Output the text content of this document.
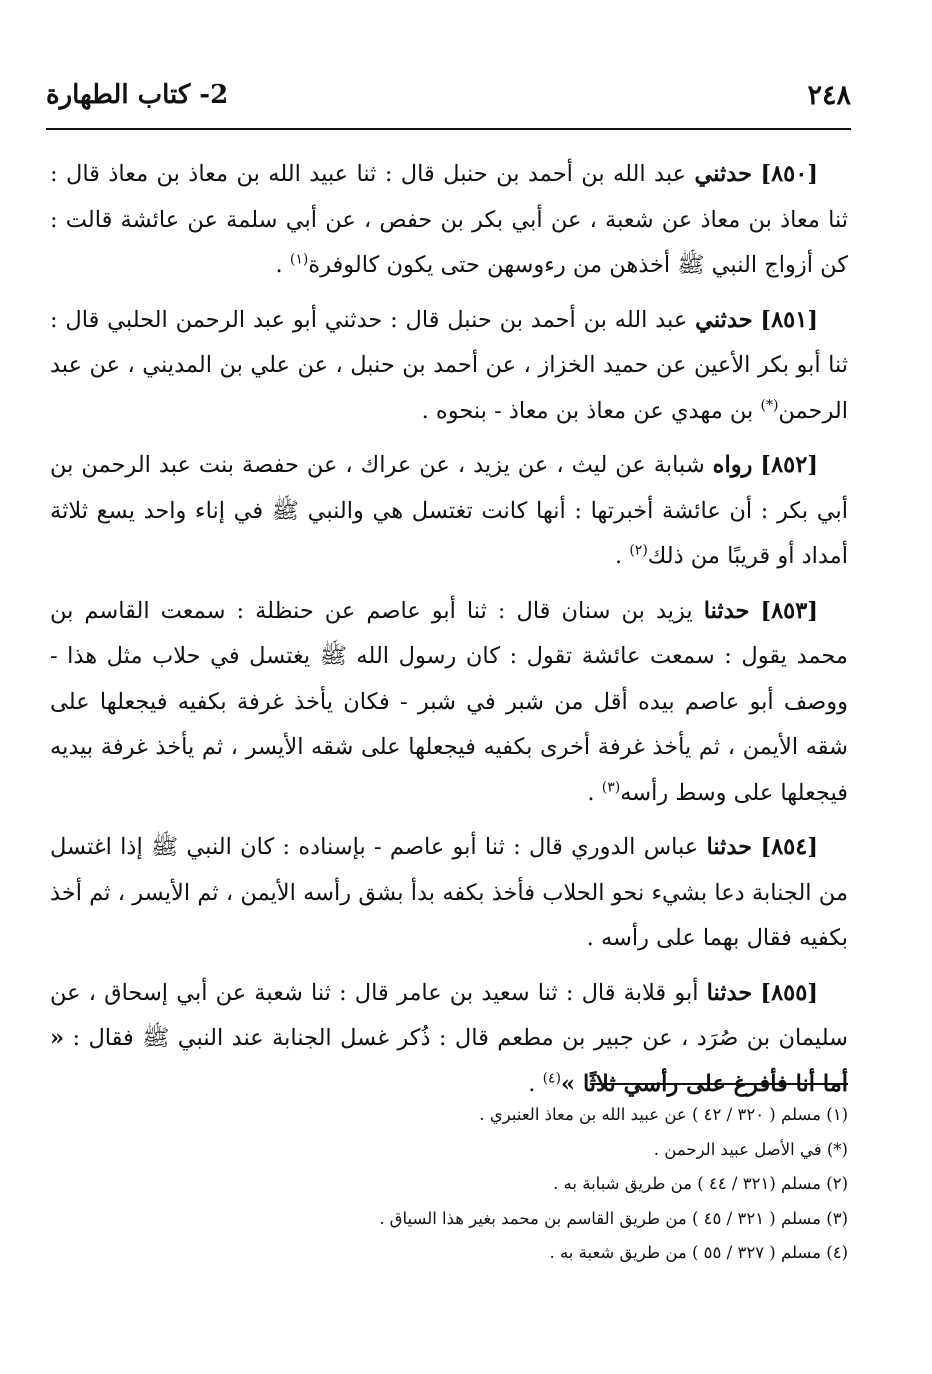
٢٤٨
2- كتاب الطهارة

[٨٥٠] حدثني عبد الله بن أحمد بن حنبل قال : ثنا عبيد الله بن معاذ بن معاذ قال : ثنا معاذ بن معاذ عن شعبة ، عن أبي بكر بن حفص ، عن أبي سلمة عن عائشة قالت : كن أزواج النبي ﷺ أخذهن من رءوسهن حتى يكون كالوفرة$^{(١)}$ .

[٨٥١] حدثني عبد الله بن أحمد بن حنبل قال : حدثني أبو عبد الرحمن الحلبي قال : ثنا أبو بكر الأعين عن حميد الخزاز ، عن أحمد بن حنبل ، عن علي بن المديني ، عن عبد الرحمن(*) بن مهدي عن معاذ بن معاذ - بنحوه .

[٨٥٢] رواه شبابة عن ليث ، عن يزيد ، عن عراك ، عن حفصة بنت عبد الرحمن بن أبي بكر : أن عائشة أخبرتها : أنها كانت تغتسل هي والنبي ﷺ في إناء واحد يسع ثلاثة أمداد أو قريبًا من ذلك$^{(٢)}$ .

[٨٥٣] حدثنا يزيد بن سنان قال : ثنا أبو عاصم عن حنظلة : سمعت القاسم بن محمد يقول : سمعت عائشة تقول : كان رسول الله ﷺ يغتسل في حلاب مثل هذا - ووصف أبو عاصم بيده أقل من شبر في شبر - فكان يأخذ غرفة بكفيه فيجعلها على شقه الأيمن ، ثم يأخذ غرفة أخرى بكفيه فيجعلها على شقه الأيسر ، ثم يأخذ غرفة بيديه فيجعلها على وسط رأسه$^{(٣)}$ .

[٨٥٤] حدثنا عباس الدوري قال : ثنا أبو عاصم - بإسناده : كان النبي ﷺ إذا اغتسل من الجنابة دعا بشيء نحو الحلاب فأخذ بكفه بدأ بشق رأسه الأيمن ، ثم الأيسر ، ثم أخذ بكفيه فقال بهما على رأسه .

[٨٥٥] حدثنا أبو قلابة قال : ثنا سعيد بن عامر قال : ثنا شعبة عن أبي إسحاق ، عن سليمان بن صُرَد ، عن جبير بن مطعم قال : ذُكر غسل الجنابة عند النبي ﷺ فقال : « أما أنا فأفرغ على رأسي ثلاثًا »$^{(٤)}$ .

(١) مسلم ( ٣٢٠ / ٤٢ ) عن عبيد الله بن معاذ العنبري .

(*) في الأصل عبيد الرحمن .

(٢) مسلم (٣٢١ / ٤٤ ) من طريق شبابة به .

(٣) مسلم ( ٣٢١ / ٤٥ ) من طريق القاسم بن محمد بغير هذا السياق .

(٤) مسلم ( ٣٢٧ / ٥٥ ) من طريق شعبة به .
